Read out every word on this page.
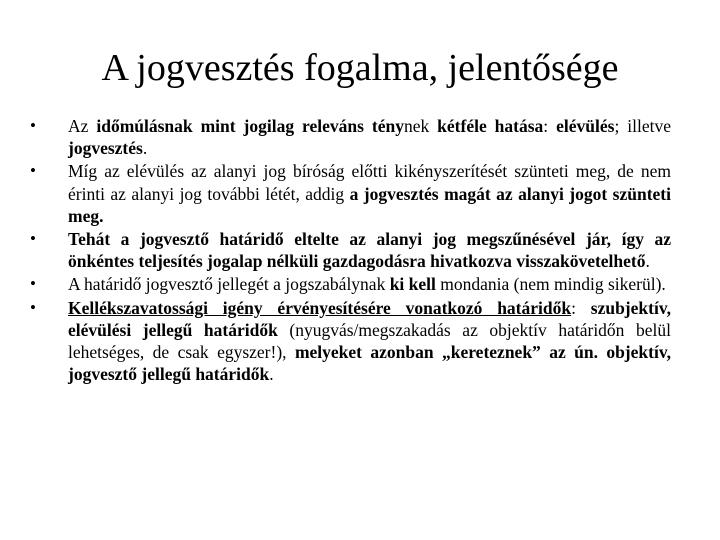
A jogvesztés fogalma, jelentősége
• Az időmúlásnak mint jogilag releváns ténynek kétféle hatása: elévülés; illetve jogvesztés.
• Míg az elévülés az alanyi jog bíróság előtti kikényszerítését szünteti meg, de nem érinti az alanyi jog további létét, addig a jogvesztés magát az alanyi jogot szünteti meg.
• Tehát a jogvesztő határidő eltelte az alanyi jog megszűnésével jár, így az önkéntes teljesítés jogalap nélküli gazdagodásra hivatkozva visszakövetelhető.
• A határidő jogvesztő jellegét a jogszabálynak ki kell mondania (nem mindig sikerül).
• Kellékszavatossági igény érvényesítésére vonatkozó határidők: szubjektív, elévülési jellegű határidők (nyugvás/megszakadás az objektív határidőn belül lehetséges, de csak egyszer!), melyeket azonban „kereteznek” az ún. objektív, jogvesztő jellegű határidők.
